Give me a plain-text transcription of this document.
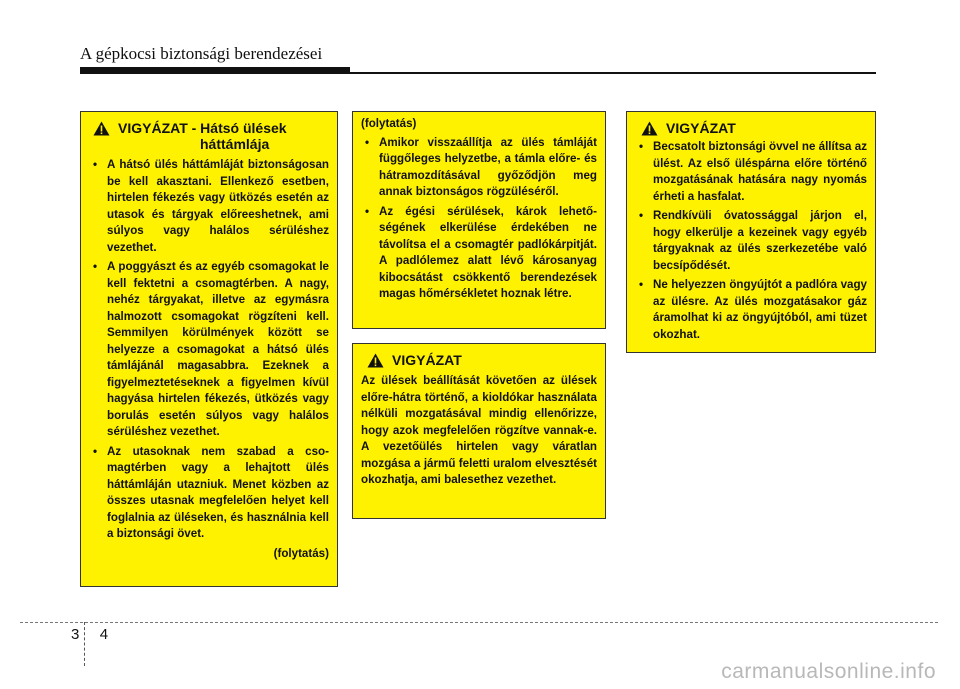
A gépkocsi biztonsági berendezései
VIGYÁZAT - Hátsó ülések
háttámlája
• A hátsó ülés háttámláját biztonságosan be kell akasztani. Ellenkező esetben, hirtelen fékezés vagy ütközés esetén az utasok és tárgyak előreeshetnek, ami súlyos vagy halálos sérüléshez vezethet.
• A poggyászt és az egyéb csomagokat le kell fektetni a csomagtérben. A nagy, nehéz tárgyakat, illetve az egymásra halmozott csomagokat rögzíteni kell. Semmilyen körülmények között se helyezze a csomagokat a hátsó ülés támlájánál magasabbra. Ezeknek a figyelmeztetéseknek a figyelmen kívül hagyása hirtelen fékezés, ütközés vagy borulás esetén súlyos vagy halálos sérüléshez vezethet.
• Az utasoknak nem szabad a csomagtérben vagy a lehajtott ülés háttámláján utazniuk. Menet közben az összes utasnak megfelelően helyet kell foglalnia az üléseken, és használnia kell a biztonsági övet.
(folytatás)
(folytatás)
• Amikor visszaállítja az ülés támláját függőleges helyzetbe, a támla előre- és hátramozdításával győződjön meg annak biztonságos rögzüléséről.
• Az égési sérülések, károk lehetőségének elkerülése érdekében ne távolítsa el a csomagtér padlókárpitját. A padlólemez alatt lévő károsanyag kibocsátást csökkentő berendezések magas hőmérsékletet hoznak létre.
VIGYÁZAT
Az ülések beállítását követően az ülések előre-hátra történő, a kioldókar használata nélküli mozgatásával mindig ellenőrizze, hogy azok megfelelően rögzítve vannak-e. A vezetőülés hirtelen vagy váratlan mozgása a jármű feletti uralom elvesztését okozhatja, ami balesethez vezethet.
VIGYÁZAT
• Becsatolt biztonsági övvel ne állítsa az ülést. Az első üléspárna előre történő mozgatásának hatására nagy nyomás érheti a hasfalat.
• Rendkívüli óvatossággal járjon el, hogy elkerülje a kezeinek vagy egyéb tárgyaknak az ülés szerkezetébe való becsípődését.
• Ne helyezzen öngyújtót a padlóra vagy az ülésre. Az ülés mozgatásakor gáz áramolhat ki az öngyújtóból, ami tüzet okozhat.
3 4
carmanualsonline.info
